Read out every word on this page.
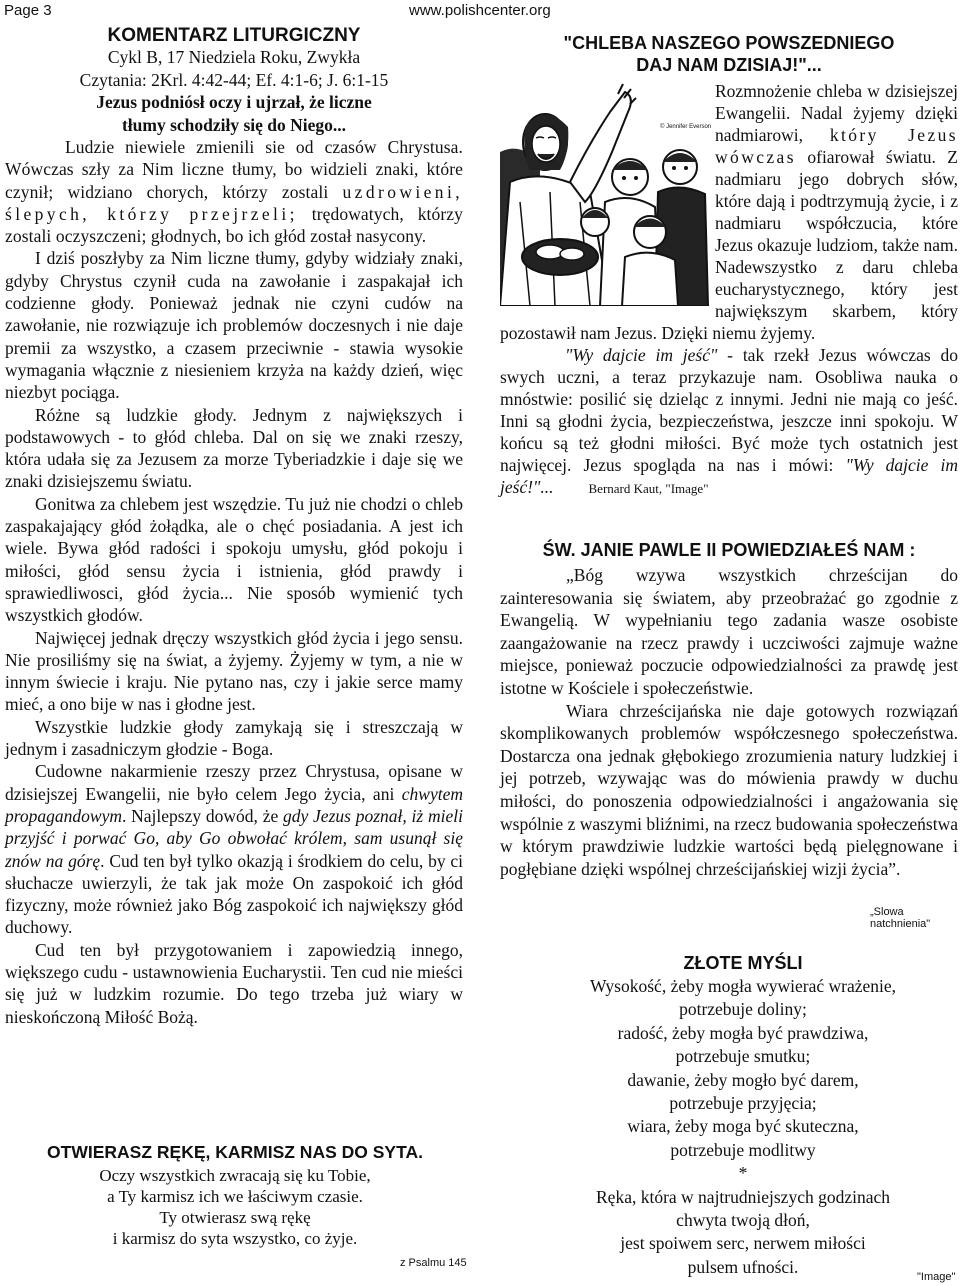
Page 3	www.polishcenter.org

KOMENTARZ LITURGICZNY

Cykl B, 17 Niedziela Roku, Zwykła

Czytania: 2Krl. 4:42-44; Ef. 4:1-6; J. 6:1-15

Jezus podniósł oczy i ujrzał, że liczne

tłumy schodziły się do Niego...

Ludzie niewiele zmienili sie od czasów Chrystusa. Wówczas szły za Nim liczne tłumy, bo widzieli znaki, które czynił; widziano chorych, którzy zostali uzdrowieni, ślepych, którzy przejrzeli; trędowatych, którzy zostali oczyszczeni; głodnych, bo ich głód został nasycony.

I dziś poszłyby za Nim liczne tłumy, gdyby widziały znaki, gdyby Chrystus czynił cuda na zawołanie i zaspakajał ich codzienne głody. Ponieważ jednak nie czyni cudów na zawołanie, nie rozwiązuje ich problemów doczesnych i nie daje premii za wszystko, a czasem przeciwnie - stawia wysokie wymagania włącznie z niesieniem krzyża na każdy dzień, więc niezbyt pociąga.

Różne są ludzkie głody. Jednym z największych i podstawowych - to głód chleba. Dal on się we znaki rzeszy, która udała się za Jezusem za morze Tyberiadzkie i daje się we znaki dzisiejszemu światu.

Gonitwa za chlebem jest wszędzie. Tu już nie chodzi o chleb zaspakajający głód żołądka, ale o chęć posiadania. A jest ich wiele. Bywa głód radości i spokoju umysłu, głód pokoju i miłości, głód sensu życia i istnienia, głód prawdy i sprawiedliwosci, głód życia... Nie sposób wymienić tych wszystkich głodów.

Najwięcej jednak dręczy wszystkich głód życia i jego sensu. Nie prosiliśmy się na świat, a żyjemy. Żyjemy w tym, a nie w innym świecie i kraju. Nie pytano nas, czy i jakie serce mamy mieć, a ono bije w nas i głodne jest.

Wszystkie ludzkie głody zamykają się i streszczają w jednym i zasadniczym głodzie - Boga.

Cudowne nakarmienie rzeszy przez Chrystusa, opisane w dzisiejszej Ewangelii, nie było celem Jego życia, ani chwytem propagandowym. Najlepszy dowód, że gdy Jezus poznał, iż mieli przyjść i porwać Go, aby Go obwołać królem, sam usunął się znów na górę. Cud ten był tylko okazją i środkiem do celu, by ci słuchacze uwierzyli, że tak jak może On zaspokoić ich głód fizyczny, może również jako Bóg zaspokoić ich największy głód duchowy.

Cud ten był przygotowaniem i zapowiedzią innego, większego cudu - ustawnowienia Eucharystii. Ten cud nie mieści się już w ludzkim rozumie. Do tego trzeba już wiary w nieskończoną Miłość Bożą.

OTWIERASZ RĘKĘ, KARMISZ NAS DO SYTA.

Oczy wszystkich zwracają się ku Tobie,
a Ty karmisz ich we łaściwym czasie.
Ty otwierasz swą rękę
i karmisz do syta wszystko, co żyje.
z Psalmu 145

"CHLEBA NASZEGO POWSZEDNIEGO

DAJ NAM DZISIAJ!"...

© Jennifer Everson

Rozmnożenie chleba w dzisiejszej Ewangelii. Nadal żyjemy dzięki nadmiarowi, który Jezus wówczas ofiarował światu. Z nadmiaru jego dobrych słów, które dają i podtrzymują życie, i z nadmiaru współczucia, które Jezus okazuje ludziom, także nam. Nadewszystko z daru chleba eucharystycznego, który jest największym skarbem, który pozostawił nam Jezus. Dzięki niemu żyjemy.

"Wy dajcie im jeść" - tak rzekł Jezus wówczas do swych uczni, a teraz przykazuje nam. Osobliwa nauka o mnóstwie: posilić się dzieląc z innymi. Jedni nie mają co jeść. Inni są głodni życia, bezpieczeństwa, jeszcze inni spokoju. W końcu są też głodni miłości. Być może tych ostatnich jest najwięcej. Jezus spogląda na nas i mówi: "Wy dajcie im jeść!"...	Bernard Kaut, "Image"

ŚW. JANIE PAWLE II POWIEDZIAŁEŚ NAM :

„Bóg wzywa wszystkich chrześcijan do zainteresowania się światem, aby przeobrażać go zgodnie z Ewangelią. W wypełnianiu tego zadania wasze osobiste zaangażowanie na rzecz prawdy i uczciwości zajmuje ważne miejsce, ponieważ poczucie odpowiedzialności za prawdę jest istotne w Kościele i społeczeństwie.

Wiara chrześcijańska nie daje gotowych rozwiązań skomplikowanych problemów współczesnego społeczeństwa. Dostarcza ona jednak głębokiego zrozumienia natury ludzkiej i jej potrzeb, wzywając was do mówienia prawdy w duchu miłości, do ponoszenia odpowiedzialności i angażowania się wspólnie z waszymi bliźnimi, na rzecz budowania społeczeństwa w którym prawdziwie ludzkie wartości będą pielęgnowane i pogłębiane dzięki wspólnej chrześcijańskiej wizji życia”.

„Slowa natchnienia"
ZŁOTE MYŚLI
Wysokość, żeby mogła wywierać wrażenie,
potrzebuje doliny;
radość, żeby mogła być prawdziwa,
potrzebuje smutku;
dawanie, żeby mogło być darem,
potrzebuje przyjęcia;
wiara, żeby moga być skuteczna,
potrzebuje modlitwy
*
Ręka, która w najtrudniejszych godzinach
chwyta twoją dłoń,
jest spoiwem serc, nerwem miłości
pulsem ufności.
"Image"
